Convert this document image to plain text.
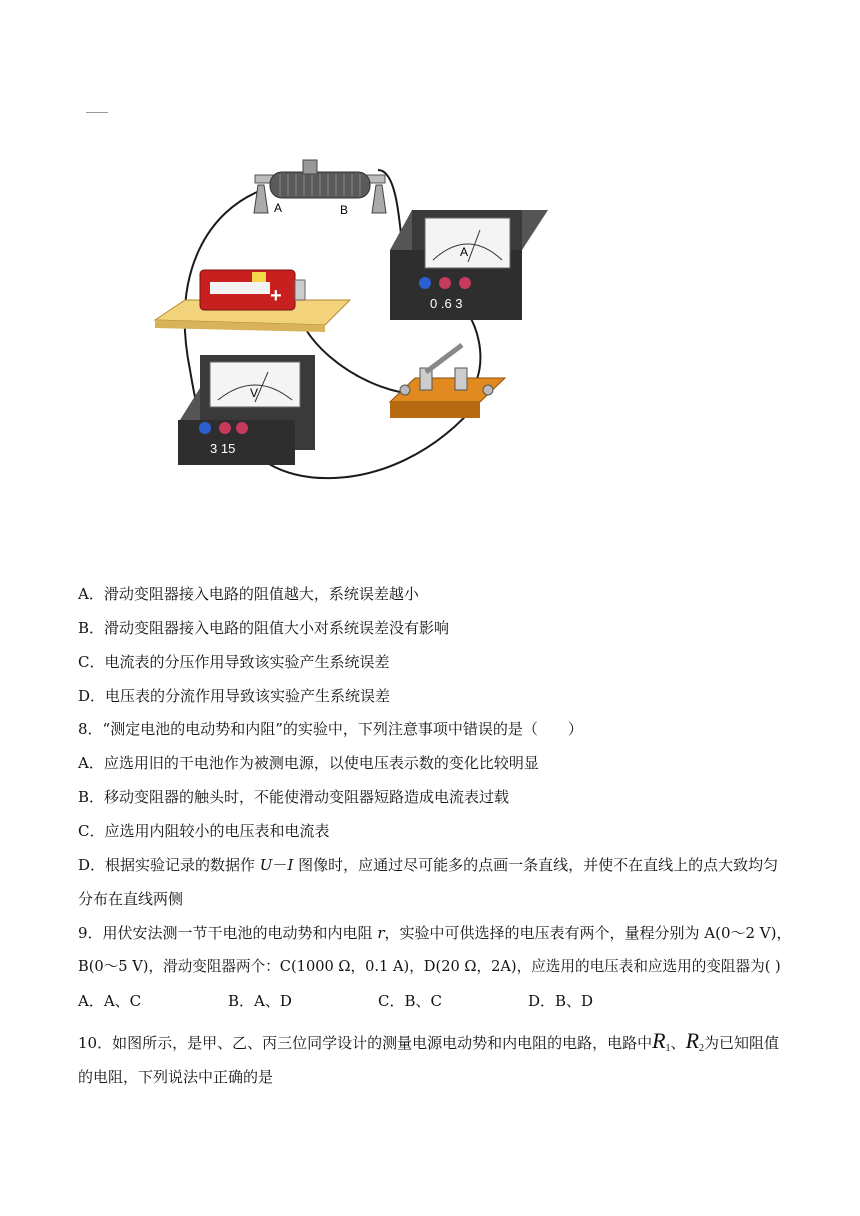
A	B
+
A
0 .6 3
V
3 15
A．滑动变阻器接入电路的阻值越大，系统误差越小
B．滑动变阻器接入电路的阻值大小对系统误差没有影响
C．电流表的分压作用导致该实验产生系统误差
D．电压表的分流作用导致该实验产生系统误差
8．“测定电池的电动势和内阻”的实验中，下列注意事项中错误的是（　　）
A．应选用旧的干电池作为被测电源，以使电压表示数的变化比较明显
B．移动变阻器的触头时，不能使滑动变阻器短路造成电流表过载
C．应选用内阻较小的电压表和电流表
D．根据实验记录的数据作 U－I 图像时，应通过尽可能多的点画一条直线，并使不在直线上的点大致均匀
分布在直线两侧
9．用伏安法测一节干电池的电动势和内电阻 r，实验中可供选择的电压表有两个，量程分别为 A(0～2 V)，
B(0～5 V)，滑动变阻器两个：C(1000 Ω，0.1 A)，D(20 Ω，2A)，应选用的电压表和应选用的变阻器为( )
A．A、C	B．A、D	C．B、C	D．B、D
10．如图所示，是甲、乙、丙三位同学设计的测量电源电动势和内电阻的电路，电路中$R_1$、$R_2$为已知阻值
的电阻，下列说法中正确的是
